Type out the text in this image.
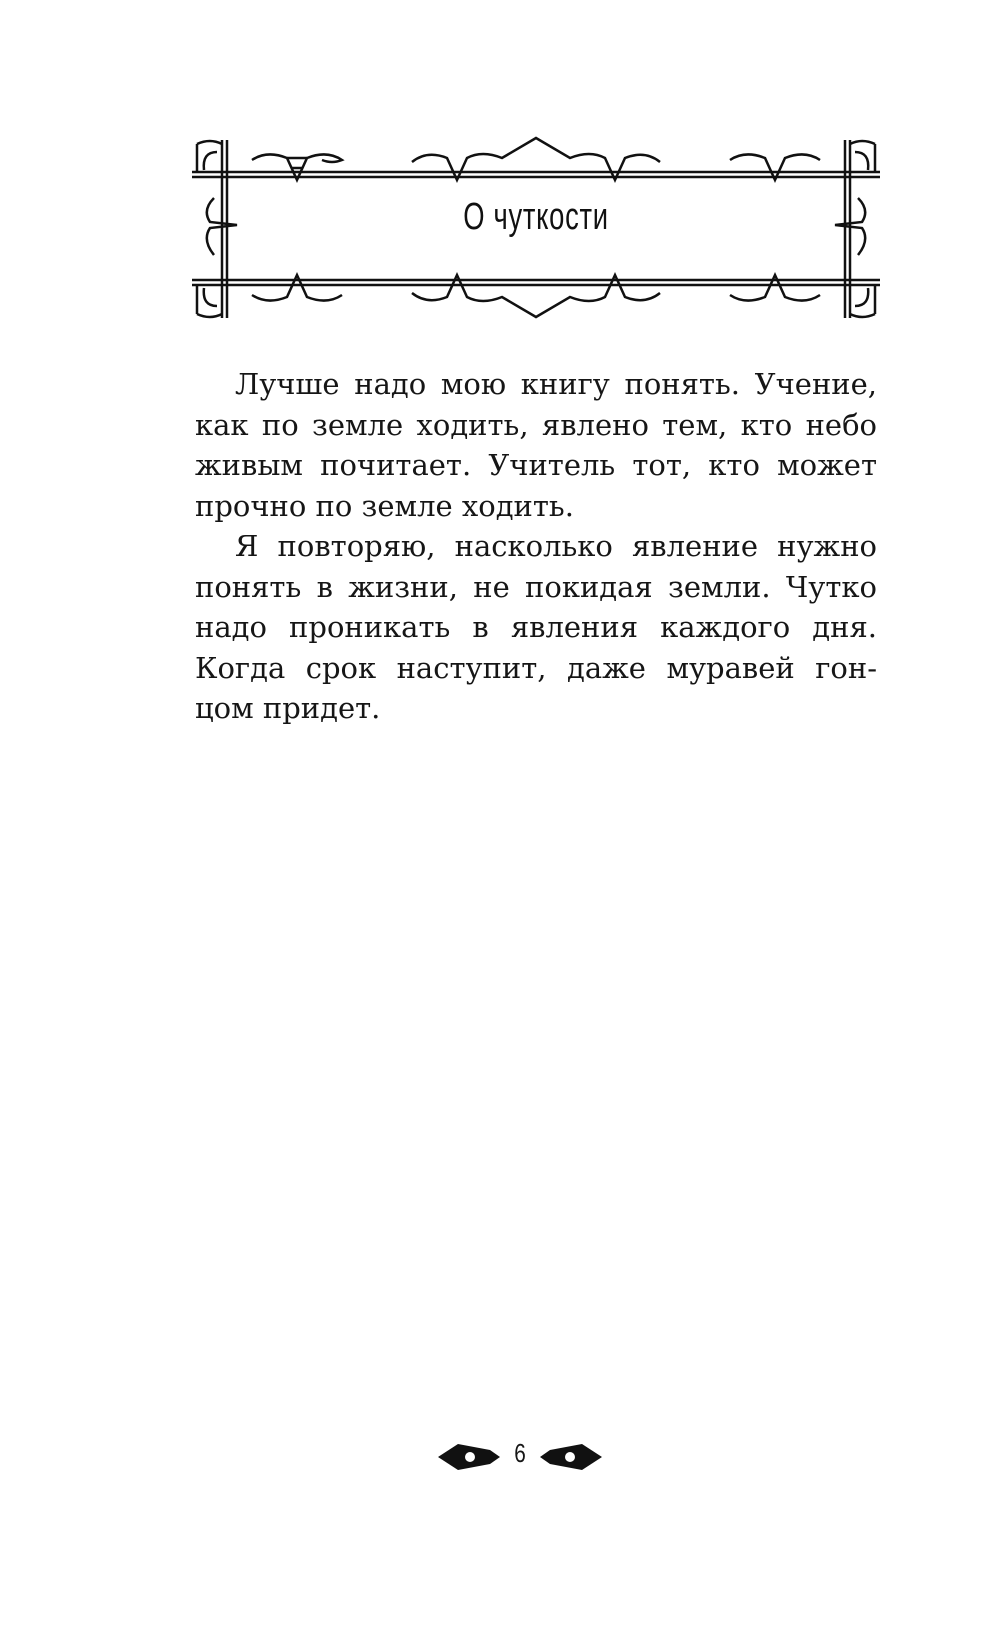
О чуткости
Лучше надо мою книгу понять. Учение,
как по земле ходить, явлено тем, кто небо
живым почитает. Учитель тот, кто может
прочно по земле ходить.
Я повторяю, насколько явление нужно
понять в жизни, не покидая земли. Чутко
надо проникать в явления каждого дня.
Когда срок наступит, даже муравей гон-
цом придет.
6
